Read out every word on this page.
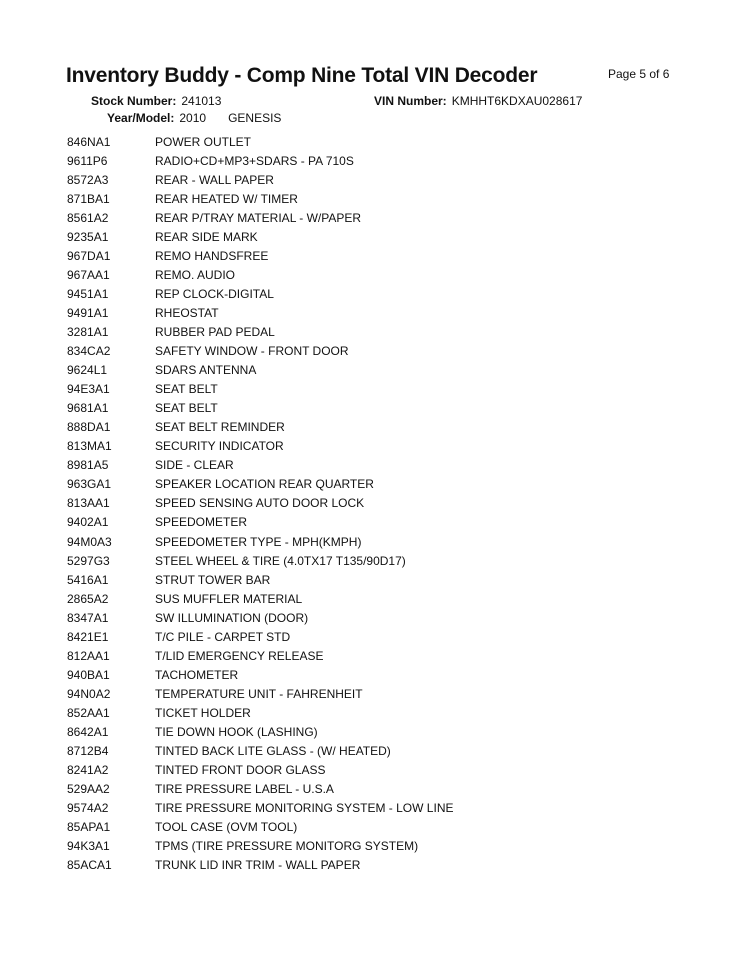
Inventory Buddy - Comp Nine Total VIN Decoder	Page 5 of 6
Stock Number: 241013	VIN Number: KMHHT6KDXAU028617
Year/Model: 2010 GENESIS
846NA1	POWER OUTLET
9611P6	RADIO+CD+MP3+SDARS - PA 710S
8572A3	REAR - WALL PAPER
871BA1	REAR HEATED W/ TIMER
8561A2	REAR P/TRAY MATERIAL - W/PAPER
9235A1	REAR SIDE MARK
967DA1	REMO HANDSFREE
967AA1	REMO. AUDIO
9451A1	REP CLOCK-DIGITAL
9491A1	RHEOSTAT
3281A1	RUBBER PAD PEDAL
834CA2	SAFETY WINDOW - FRONT DOOR
9624L1	SDARS ANTENNA
94E3A1	SEAT BELT
9681A1	SEAT BELT
888DA1	SEAT BELT REMINDER
813MA1	SECURITY INDICATOR
8981A5	SIDE - CLEAR
963GA1	SPEAKER LOCATION REAR QUARTER
813AA1	SPEED SENSING AUTO DOOR LOCK
9402A1	SPEEDOMETER
94M0A3	SPEEDOMETER TYPE - MPH(KMPH)
5297G3	STEEL WHEEL & TIRE (4.0TX17 T135/90D17)
5416A1	STRUT TOWER BAR
2865A2	SUS MUFFLER MATERIAL
8347A1	SW ILLUMINATION (DOOR)
8421E1	T/C PILE - CARPET STD
812AA1	T/LID EMERGENCY RELEASE
940BA1	TACHOMETER
94N0A2	TEMPERATURE UNIT - FAHRENHEIT
852AA1	TICKET HOLDER
8642A1	TIE DOWN HOOK (LASHING)
8712B4	TINTED BACK LITE GLASS - (W/ HEATED)
8241A2	TINTED FRONT DOOR GLASS
529AA2	TIRE PRESSURE LABEL - U.S.A
9574A2	TIRE PRESSURE MONITORING SYSTEM - LOW LINE
85APA1	TOOL CASE (OVM TOOL)
94K3A1	TPMS (TIRE PRESSURE MONITORG SYSTEM)
85ACA1	TRUNK LID INR TRIM - WALL PAPER
